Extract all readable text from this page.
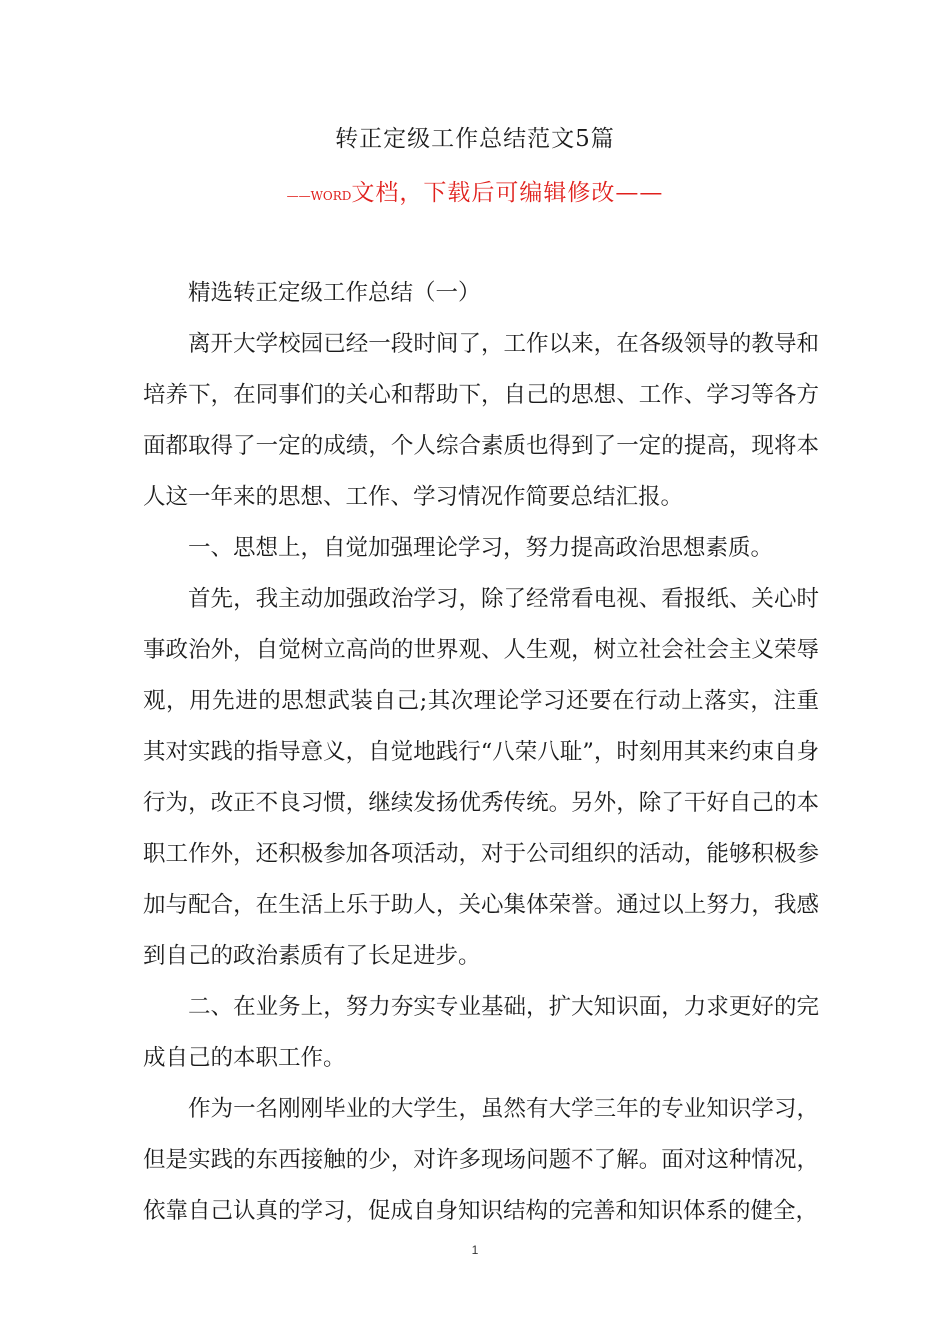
转正定级工作总结范文5篇
——WORD文档，下载后可编辑修改——

精选转正定级工作总结（一）

离开大学校园已经一段时间了，工作以来，在各级领导的教导和培养下，在同事们的关心和帮助下，自己的思想、工作、学习等各方面都取得了一定的成绩，个人综合素质也得到了一定的提高，现将本人这一年来的思想、工作、学习情况作简要总结汇报。

一、思想上，自觉加强理论学习，努力提高政治思想素质。

首先，我主动加强政治学习，除了经常看电视、看报纸、关心时事政治外，自觉树立高尚的世界观、人生观，树立社会社会主义荣辱观，用先进的思想武装自己;其次理论学习还要在行动上落实，注重其对实践的指导意义，自觉地践行“八荣八耻”，时刻用其来约束自身行为，改正不良习惯，继续发扬优秀传统。另外，除了干好自己的本职工作外，还积极参加各项活动，对于公司组织的活动，能够积极参加与配合，在生活上乐于助人，关心集体荣誉。通过以上努力，我感到自己的政治素质有了长足进步。

二、在业务上，努力夯实专业基础，扩大知识面，力求更好的完成自己的本职工作。

作为一名刚刚毕业的大学生，虽然有大学三年的专业知识学习，但是实践的东西接触的少，对许多现场问题不了解。面对这种情况，依靠自己认真的学习，促成自身知识结构的完善和知识体系的健全，

1
